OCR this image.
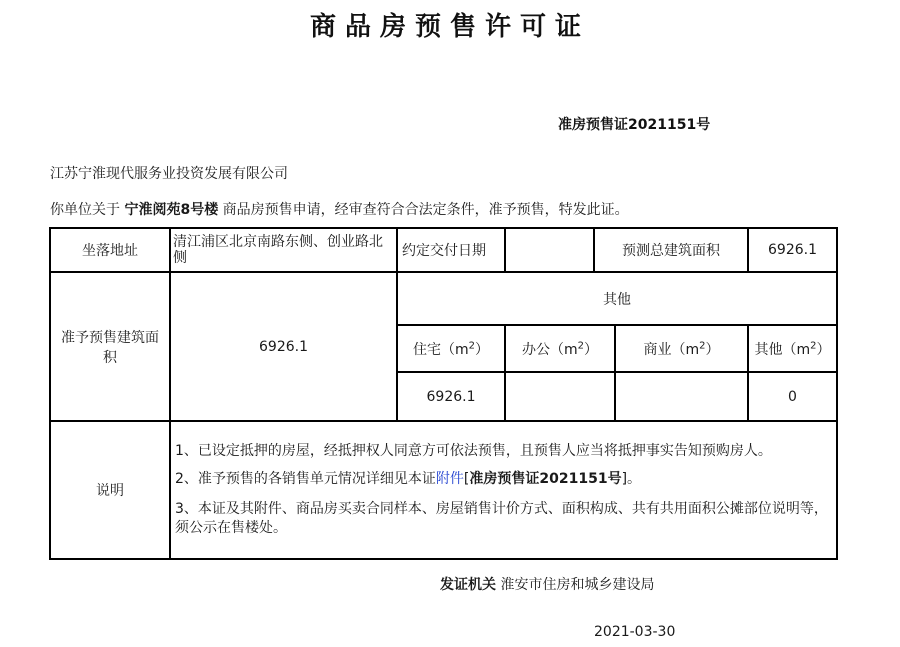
商品房预售许可证
准房预售证2021151号
江苏宁淮现代服务业投资发展有限公司
你单位关于 宁淮阅苑8号楼 商品房预售申请，经审查符合合法定条件，准予预售，特发此证。
坐落地址	清江浦区北京南路东侧、创业路北侧	约定交付日期		预测总建筑面积		6926.1
准予预售建筑面积	6926.1	其他				
		住宅$(m^2)$	办公$(m^2)$		商业$(m^2)$	其他$(m^2)$
		6926.1				0
说明	1、已设定抵押的房屋，经抵押权人同意方可依法预售，且预售人应当将抵押事实告知预购房人。

2、准予预售的各销售单元情况详细见本证附件[准房预售证2021151号]。

3、本证及其附件、商品房买卖合同样本、房屋销售计价方式、面积构成、共有共用面积公摊部位说明等，须公示在售楼处。					

发证机关 淮安市住房和城乡建设局
2021-03-30
